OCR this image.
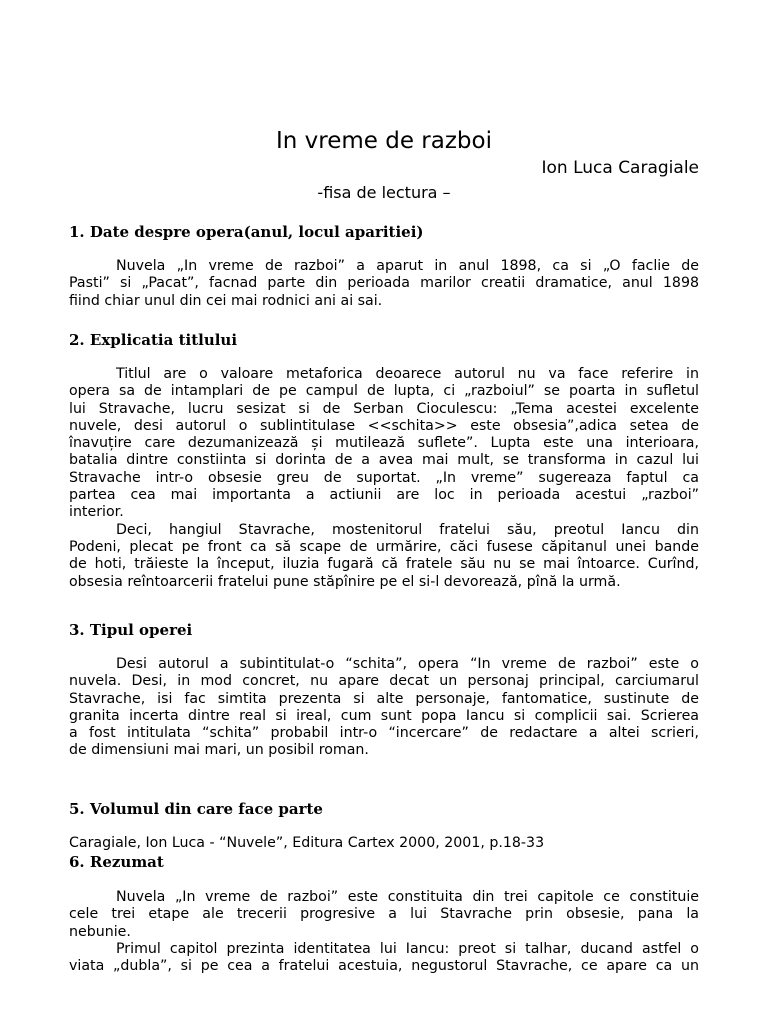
In vreme de razboi
Ion Luca Caragiale
-fisa de lectura –
1. Date despre opera(anul, locul aparitiei)
Nuvela „In vreme de razboi” a aparut in anul 1898, ca si „O faclie de
Pasti” si „Pacat”, facnad parte din perioada marilor creatii dramatice, anul 1898
fiind chiar unul din cei mai rodnici ani ai sai.
2. Explicatia titlului
Titlul are o valoare metaforica deoarece autorul nu va face referire in
opera sa de intamplari de pe campul de lupta, ci „razboiul” se poarta in sufletul
lui Stravache, lucru sesizat si de Serban Cioculescu: „Tema acestei excelente
nuvele, desi autorul o sublintitulase <<schita>> este obsesia”,adica setea de
înavuțire care dezumanizează și mutilează suflete”. Lupta este una interioara,
batalia dintre constiinta si dorinta de a avea mai mult, se transforma in cazul lui
Stravache intr-o obsesie greu de suportat. „In vreme” sugereaza faptul ca
partea cea mai importanta a actiunii are loc in perioada acestui „razboi”
interior.
Deci, hangiul Stavrache, mostenitorul fratelui său, preotul Iancu din
Podeni, plecat pe front ca să scape de urmărire, căci fusese căpitanul unei bande
de hoti, trăieste la început, iluzia fugară că fratele său nu se mai întoarce. Curînd,
obsesia reîntoarcerii fratelui pune stăpînire pe el si-l devorează, pînă la urmă.
3. Tipul operei
Desi autorul a subintitulat-o “schita”, opera “In vreme de razboi” este o
nuvela. Desi, in mod concret, nu apare decat un personaj principal, carciumarul
Stavrache, isi fac simtita prezenta si alte personaje, fantomatice, sustinute de
granita incerta dintre real si ireal, cum sunt popa Iancu si complicii sai. Scrierea
a fost intitulata “schita” probabil intr-o “incercare” de redactare a altei scrieri,
de dimensiuni mai mari, un posibil roman.
5. Volumul din care face parte
Caragiale, Ion Luca - “Nuvele”, Editura Cartex 2000, 2001, p.18-33
6. Rezumat
Nuvela „In vreme de razboi” este constituita din trei capitole ce constituie
cele trei etape ale trecerii progresive a lui Stavrache prin obsesie, pana la
nebunie.
Primul capitol prezinta identitatea lui Iancu: preot si talhar, ducand astfel o
viata „dubla”, si pe cea a fratelui acestuia, negustorul Stavrache, ce apare ca un
